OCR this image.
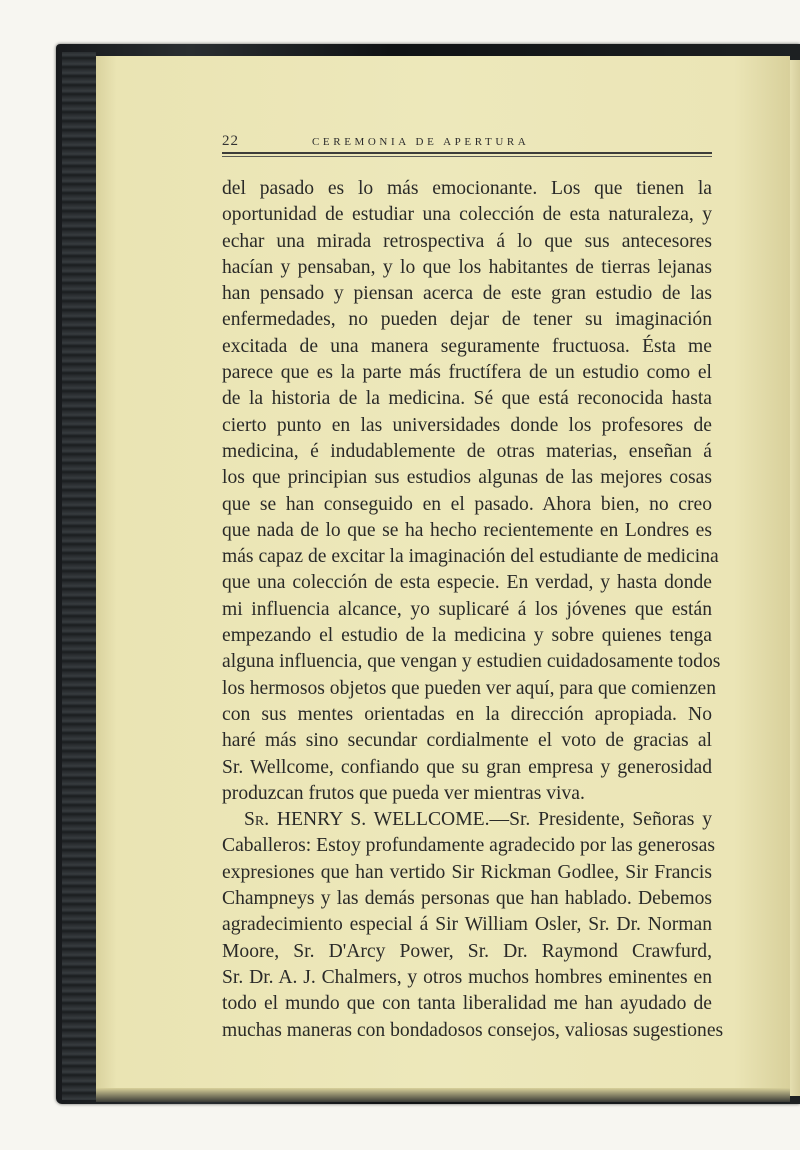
22	CEREMONIA DE APERTURA
del pasado es lo más emocionante. Los que tienen la
oportunidad de estudiar una colección de esta naturaleza, y
echar una mirada retrospectiva á lo que sus antecesores
hacían y pensaban, y lo que los habitantes de tierras lejanas
han pensado y piensan acerca de este gran estudio de las
enfermedades, no pueden dejar de tener su imaginación
excitada de una manera seguramente fructuosa. Ésta me
parece que es la parte más fructífera de un estudio como el
de la historia de la medicina. Sé que está reconocida hasta
cierto punto en las universidades donde los profesores de
medicina, é indudablemente de otras materias, enseñan á
los que principian sus estudios algunas de las mejores cosas
que se han conseguido en el pasado. Ahora bien, no creo
que nada de lo que se ha hecho recientemente en Londres es
más capaz de excitar la imaginación del estudiante de medicina
que una colección de esta especie. En verdad, y hasta donde
mi influencia alcance, yo suplicaré á los jóvenes que están
empezando el estudio de la medicina y sobre quienes tenga
alguna influencia, que vengan y estudien cuidadosamente todos
los hermosos objetos que pueden ver aquí, para que comienzen
con sus mentes orientadas en la dirección apropiada. No
haré más sino secundar cordialmente el voto de gracias al
Sr. Wellcome, confiando que su gran empresa y generosidad
produzcan frutos que pueda ver mientras viva.
Sr. HENRY S. WELLCOME.—Sr. Presidente, Señoras y
Caballeros: Estoy profundamente agradecido por las generosas
expresiones que han vertido Sir Rickman Godlee, Sir Francis
Champneys y las demás personas que han hablado. Debemos
agradecimiento especial á Sir William Osler, Sr. Dr. Norman
Moore, Sr. D'Arcy Power, Sr. Dr. Raymond Crawfurd,
Sr. Dr. A. J. Chalmers, y otros muchos hombres eminentes en
todo el mundo que con tanta liberalidad me han ayudado de
muchas maneras con bondadosos consejos, valiosas sugestiones
